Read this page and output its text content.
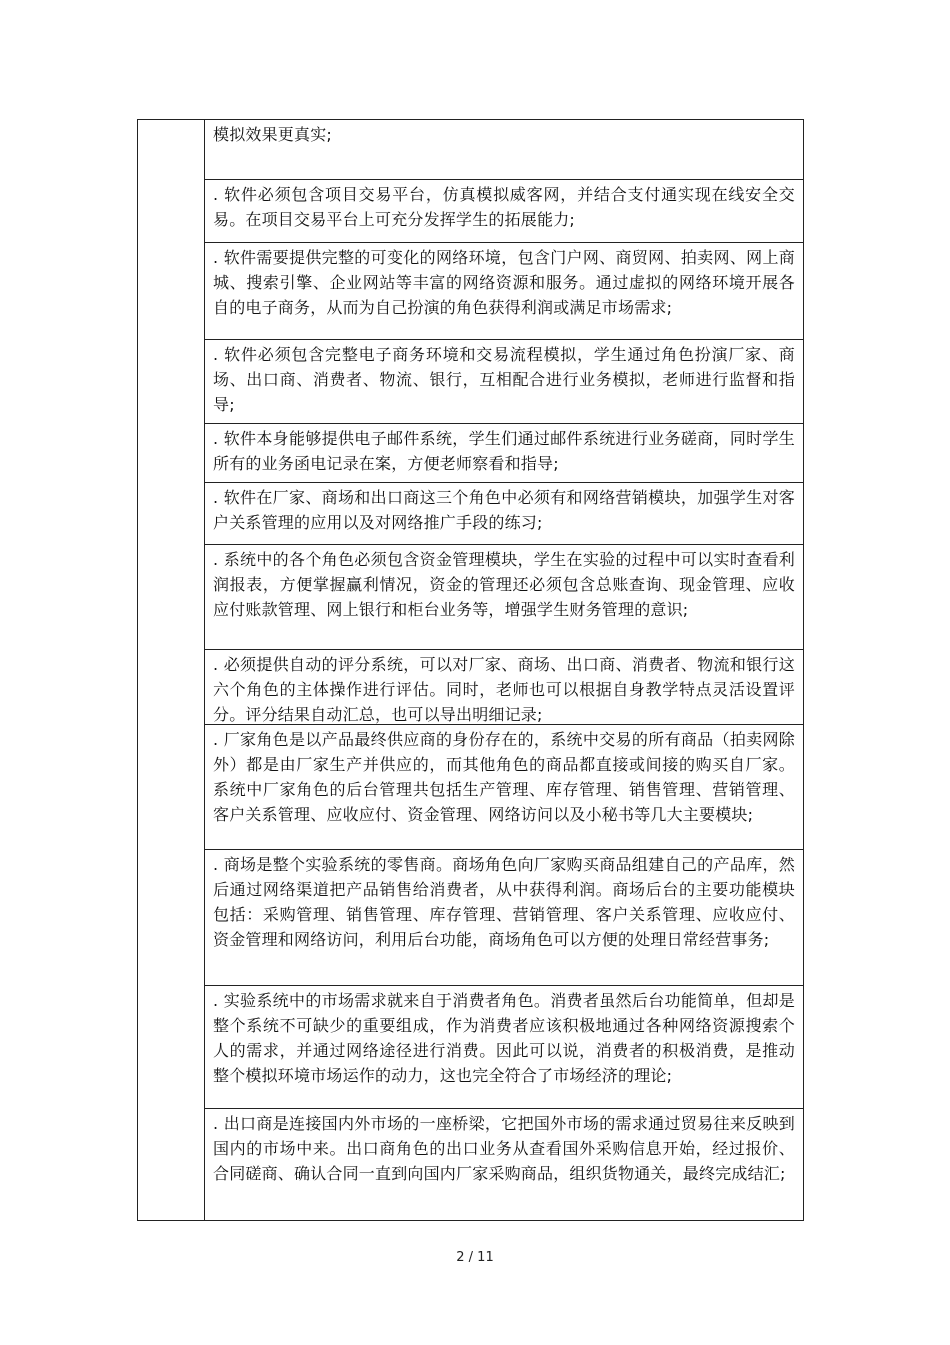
模拟效果更真实;
. 软件必须包含项目交易平台，仿真模拟威客网，并结合支付通实现在线安全交易。在项目交易平台上可充分发挥学生的拓展能力;
. 软件需要提供完整的可变化的网络环境，包含门户网、商贸网、拍卖网、网上商城、搜索引擎、企业网站等丰富的网络资源和服务。通过虚拟的网络环境开展各自的电子商务，从而为自己扮演的角色获得利润或满足市场需求;
. 软件必须包含完整电子商务环境和交易流程模拟，学生通过角色扮演厂家、商场、出口商、消费者、物流、银行，互相配合进行业务模拟，老师进行监督和指导;
. 软件本身能够提供电子邮件系统，学生们通过邮件系统进行业务磋商，同时学生所有的业务函电记录在案，方便老师察看和指导;
. 软件在厂家、商场和出口商这三个角色中必须有和网络营销模块，加强学生对客户关系管理的应用以及对网络推广手段的练习;
. 系统中的各个角色必须包含资金管理模块，学生在实验的过程中可以实时查看利润报表，方便掌握赢利情况，资金的管理还必须包含总账查询、现金管理、应收应付账款管理、网上银行和柜台业务等，增强学生财务管理的意识;
. 必须提供自动的评分系统，可以对厂家、商场、出口商、消费者、物流和银行这六个角色的主体操作进行评估。同时，老师也可以根据自身教学特点灵活设置评分。评分结果自动汇总，也可以导出明细记录;
. 厂家角色是以产品最终供应商的身份存在的，系统中交易的所有商品（拍卖网除外）都是由厂家生产并供应的，而其他角色的商品都直接或间接的购买自厂家。系统中厂家角色的后台管理共包括生产管理、库存管理、销售管理、营销管理、客户关系管理、应收应付、资金管理、网络访问以及小秘书等几大主要模块;
. 商场是整个实验系统的零售商。商场角色向厂家购买商品组建自己的产品库，然后通过网络渠道把产品销售给消费者，从中获得利润。商场后台的主要功能模块包括：采购管理、销售管理、库存管理、营销管理、客户关系管理、应收应付、资金管理和网络访问，利用后台功能，商场角色可以方便的处理日常经营事务;
. 实验系统中的市场需求就来自于消费者角色。消费者虽然后台功能简单，但却是整个系统不可缺少的重要组成，作为消费者应该积极地通过各种网络资源搜索个人的需求，并通过网络途径进行消费。因此可以说，消费者的积极消费，是推动整个模拟环境市场运作的动力，这也完全符合了市场经济的理论;
. 出口商是连接国内外市场的一座桥梁，它把国外市场的需求通过贸易往来反映到国内的市场中来。出口商角色的出口业务从查看国外采购信息开始，经过报价、合同磋商、确认合同一直到向国内厂家采购商品，组织货物通关，最终完成结汇;
2 / 11
